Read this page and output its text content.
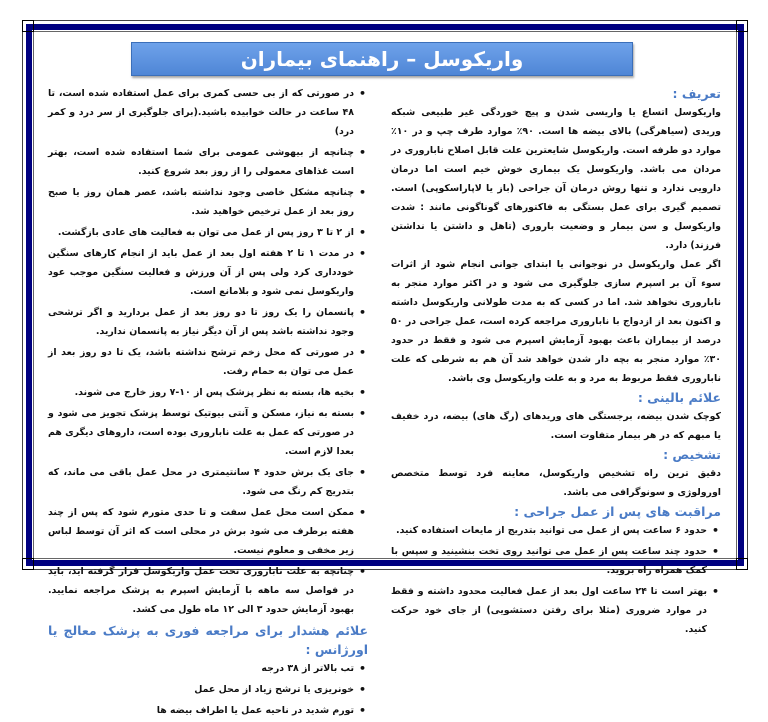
واریکوسل – راهنمای بیماران
تعریف :

واریکوسل اتساع یا واریسی شدن و پیچ خوردگی غیر طبیعی شبکه وریدی (سیاهرگی) بالای بیضه ها است. ۹۰٪ موارد طرف چپ و در ۱۰٪ موارد دو طرفه است. واریکوسل شایعترین علت قابل اصلاح ناباروری در مردان می باشد. واریکوسل یک بیماری خوش خیم است اما درمان دارویی ندارد و تنها روش درمان آن جراحی (باز یا لاپاراسکوپی) است. تصمیم گیری برای عمل بستگی به فاکتورهای گوناگونی مانند : شدت واریکوسل و سن بیمار و وضعیت باروری (تاهل و داشتن یا نداشتن فرزند) دارد.

اگر عمل واریکوسل در نوجوانی یا ابتدای جوانی انجام شود از اثرات سوء آن بر اسپرم سازی جلوگیری می شود و در اکثر موارد منجر به ناباروری نخواهد شد. اما در کسی که به مدت طولانی واریکوسل داشته و اکنون بعد از ازدواج با ناباروری مراجعه کرده است، عمل جراحی در ۵۰ درصد از بیماران باعث بهبود آزمایش اسپرم می شود و فقط در حدود ۳۰٪ موارد منجر به بچه دار شدن خواهد شد آن هم به شرطی که علت ناباروری فقط مربوط به مرد و به علت واریکوسل وی باشد.

علائم بالینی :

کوچک شدن بیضه، برجستگی های وریدهای (رگ های) بیضه، درد خفیف یا مبهم که در هر بیمار متفاوت است.

تشخیص :

دقیق ترین راه تشخیص واریکوسل، معاینه فرد توسط متخصص اورولوژی و سونوگرافی می باشد.

مراقبت های پس از عمل جراحی :
• حدود ۶ ساعت پس از عمل می توانید بتدریج از مایعات استفاده کنید.
• حدود چند ساعت پس از عمل می توانید روی تخت بنشینید و سپس با کمک همراه راه بروید.
• بهتر است تا ۲۴ ساعت اول بعد از عمل فعالیت محدود داشته و فقط در موارد ضروری (مثلا برای رفتن دستشویی) از جای خود حرکت کنید.
• در صورتی که از بی حسی کمری برای عمل استفاده شده است، تا ۴۸ ساعت در حالت خوابیده باشید.(برای جلوگیری از سر درد و کمر درد)
• چنانچه از بیهوشی عمومی برای شما استفاده شده است، بهتر است غذاهای معمولی را از روز بعد شروع کنید.
• چنانچه مشکل خاصی وجود نداشته باشد، عصر همان روز یا صبح روز بعد از عمل ترخیص خواهید شد.
• از ۲ تا ۳ روز پس از عمل می توان به فعالیت های عادی بازگشت.
• در مدت ۱ تا ۲ هفته اول بعد از عمل باید از انجام کارهای سنگین خودداری کرد ولی پس از آن ورزش و فعالیت سنگین موجب عود واریکوسل نمی شود و بلامانع است.
• پانسمان را یک روز تا دو روز بعد از عمل بردارید و اگر ترشحی وجود نداشته باشد پس از آن دیگر نیاز به پانسمان ندارید.
• در صورتی که محل زخم ترشح نداشته باشد، یک تا دو روز بعد از عمل می توان به حمام رفت.
• بخیه ها، بسته به نظر پزشک پس از ۱۰-۷ روز خارج می شوند.
• بسته به نیاز، مسکن و آنتی بیوتیک توسط پزشک تجویز می شود و در صورتی که عمل به علت ناباروری بوده است، داروهای دیگری هم بعدا لازم است.
• جای یک برش حدود ۴ سانتیمتری در محل عمل باقی می ماند، که بتدریج کم رنگ می شود.
• ممکن است محل عمل سفت و تا حدی متورم شود که پس از چند هفته برطرف می شود برش در محلی است که اثر آن توسط لباس زیر مخفی و معلوم نیست.
• چنانچه به علت ناباروری تحت عمل واریکوسل قرار گرفته اید، باید در فواصل سه ماهه با آزمایش اسپرم به پزشک مراجعه نمایید. بهبود آزمایش حدود ۳ الی ۱۲ ماه طول می کشد.
علائم هشدار برای مراجعه فوری به پزشک معالج یا اورژانس :
• تب بالاتر از ۳۸ درجه
• خونریزی یا ترشح زیاد از محل عمل
• تورم شدید در ناحیه عمل یا اطراف بیضه ها
